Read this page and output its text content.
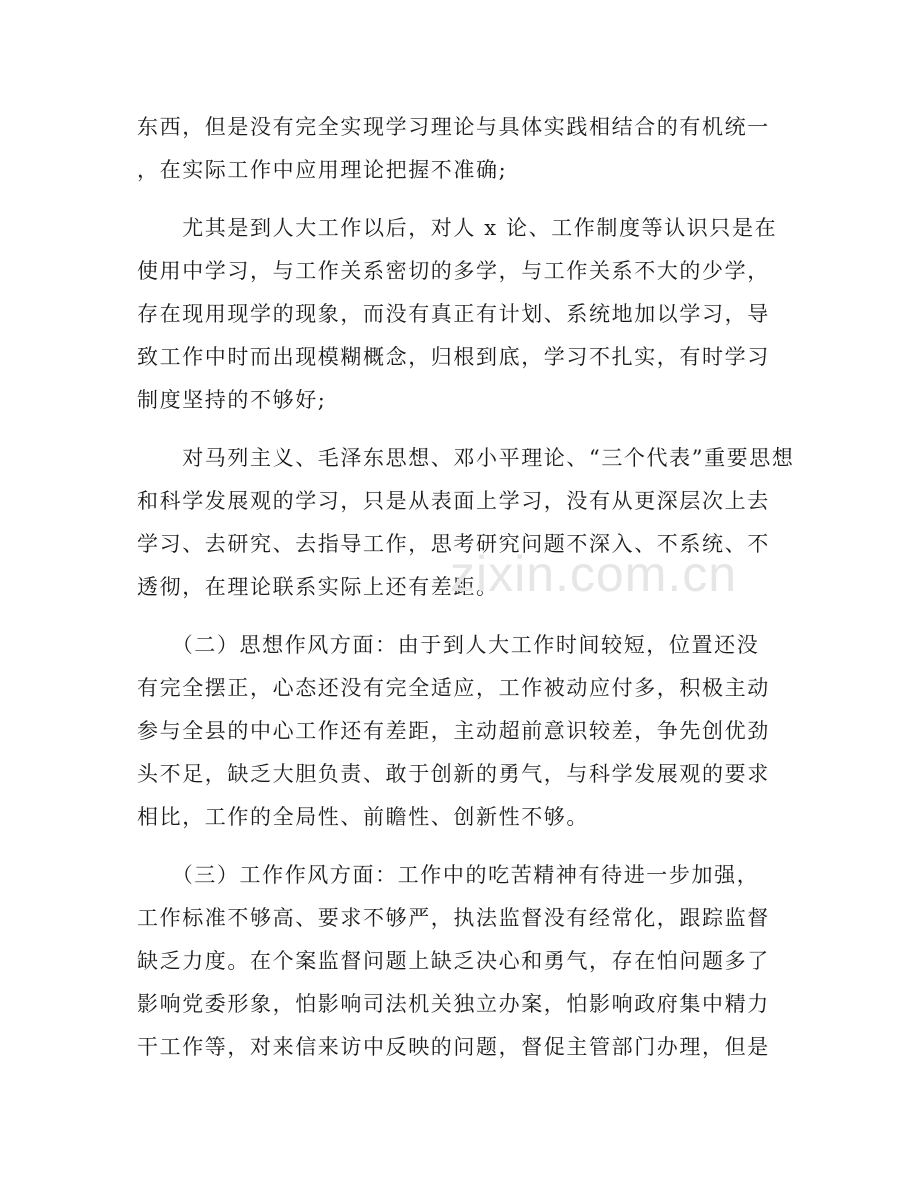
东西，但是没有完全实现学习理论与具体实践相结合的有机统一
，在实际工作中应用理论把握不准确;
　　尤其是到人大工作以后，对人 x 论、工作制度等认识只是在
使用中学习，与工作关系密切的多学，与工作关系不大的少学，
存在现用现学的现象，而没有真正有计划、系统地加以学习，导
致工作中时而出现模糊概念，归根到底，学习不扎实，有时学习
制度坚持的不够好;
　　对马列主义、毛泽东思想、邓小平理论、“三个代表”重要思想
和科学发展观的学习，只是从表面上学习，没有从更深层次上去
学习、去研究、去指导工作，思考研究问题不深入、不系统、不
透彻，在理论联系实际上还有差距。
　　（二）思想作风方面：由于到人大工作时间较短，位置还没
有完全摆正，心态还没有完全适应，工作被动应付多，积极主动
参与全县的中心工作还有差距，主动超前意识较差，争先创优劲
头不足，缺乏大胆负责、敢于创新的勇气，与科学发展观的要求
相比，工作的全局性、前瞻性、创新性不够。
　　（三）工作作风方面：工作中的吃苦精神有待进一步加强，
工作标准不够高、要求不够严，执法监督没有经常化，跟踪监督
缺乏力度。在个案监督问题上缺乏决心和勇气，存在怕问题多了
影响党委形象，怕影响司法机关独立办案，怕影响政府集中精力
干工作等，对来信来访中反映的问题，督促主管部门办理，但是
zixin.com.cn
